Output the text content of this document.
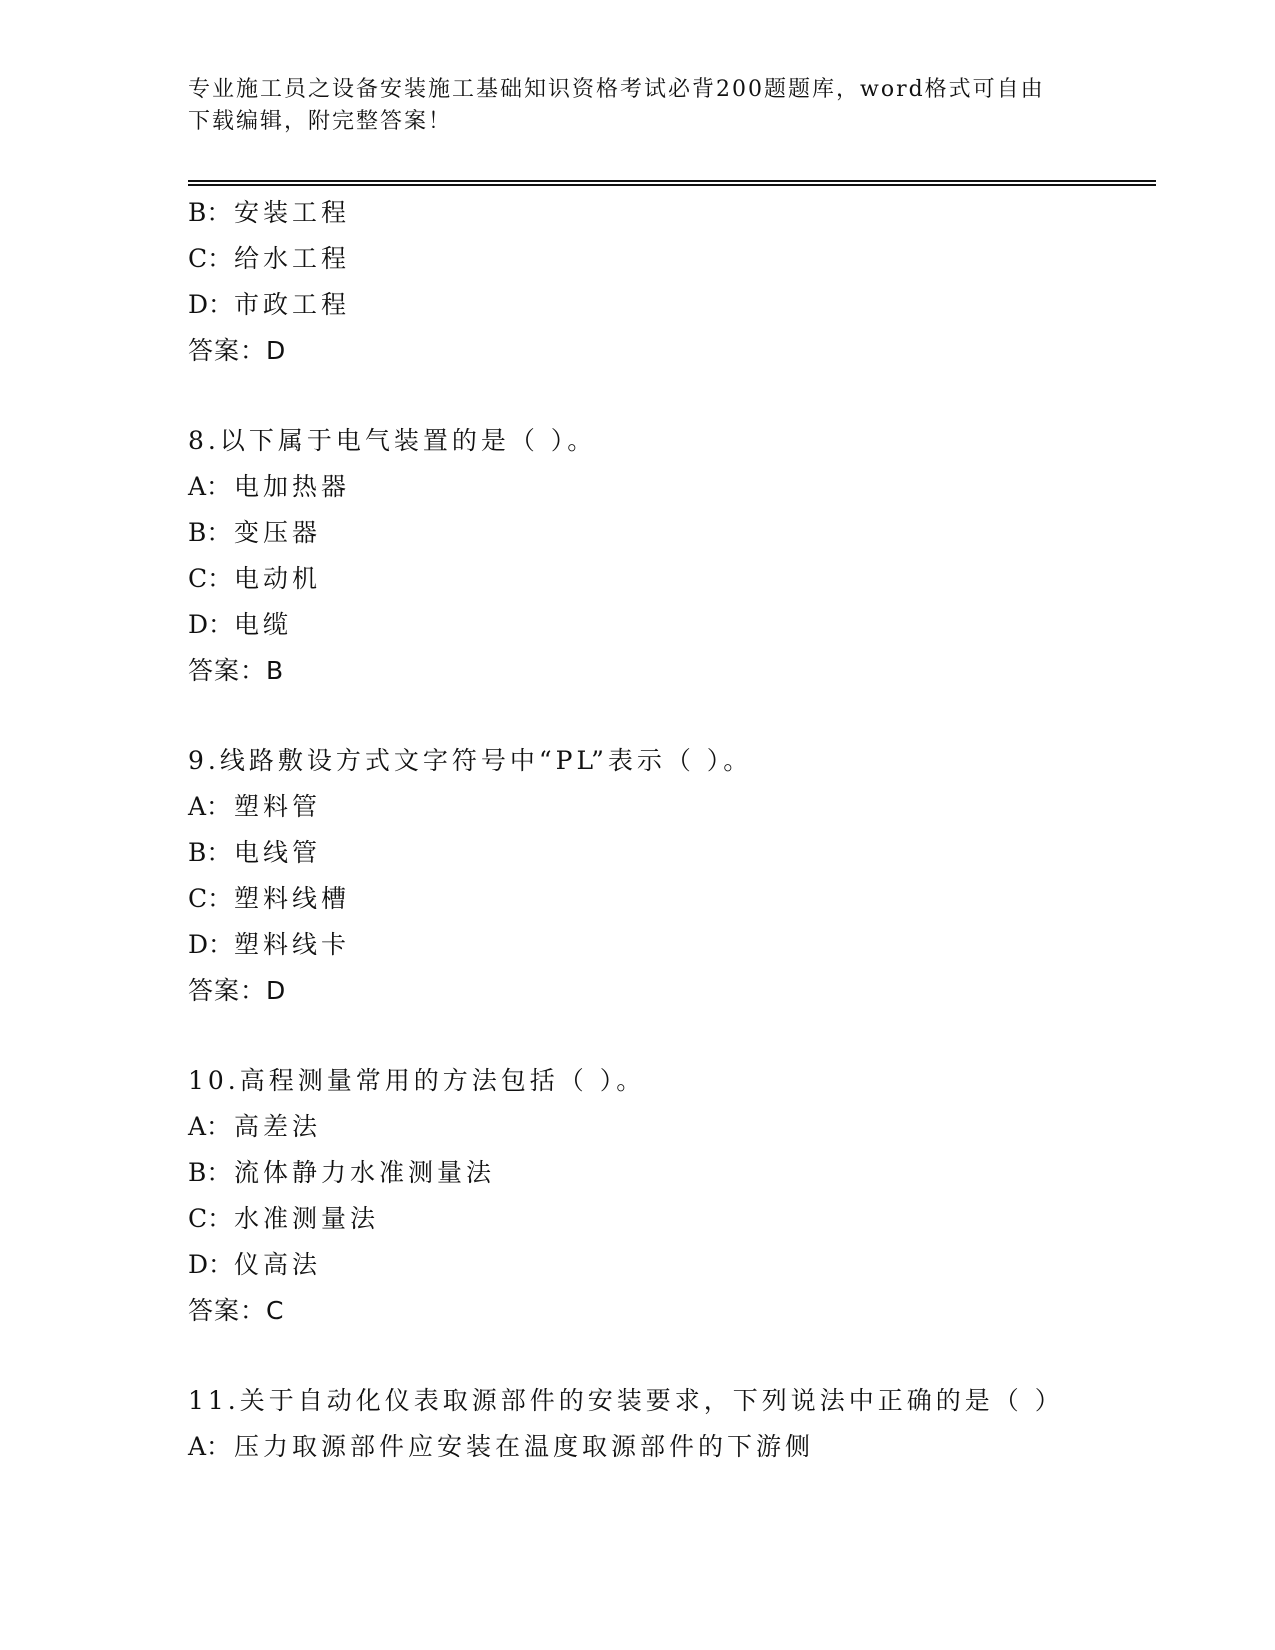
专业施工员之设备安装施工基础知识资格考试必背200题题库，word格式可自由下载编辑，附完整答案！
B： 安装工程
C：给水工程
D：市政工程
答案：D
8.以下属于电气装置的是（ ）。
A： 电加热器
B： 变压器
C：电动机
D：电缆
答案：B
9.线路敷设方式文字符号中“PL”表示（ ）。
A： 塑料管
B： 电线管
C：塑料线槽
D：塑料线卡
答案：D
10.高程测量常用的方法包括（ ）。
A： 高差法
B： 流体静力水准测量法
C：水准测量法
D：仪高法
答案：C
11.关于自动化仪表取源部件的安装要求，下列说法中正确的是（ ）
A： 压力取源部件应安装在温度取源部件的下游侧
